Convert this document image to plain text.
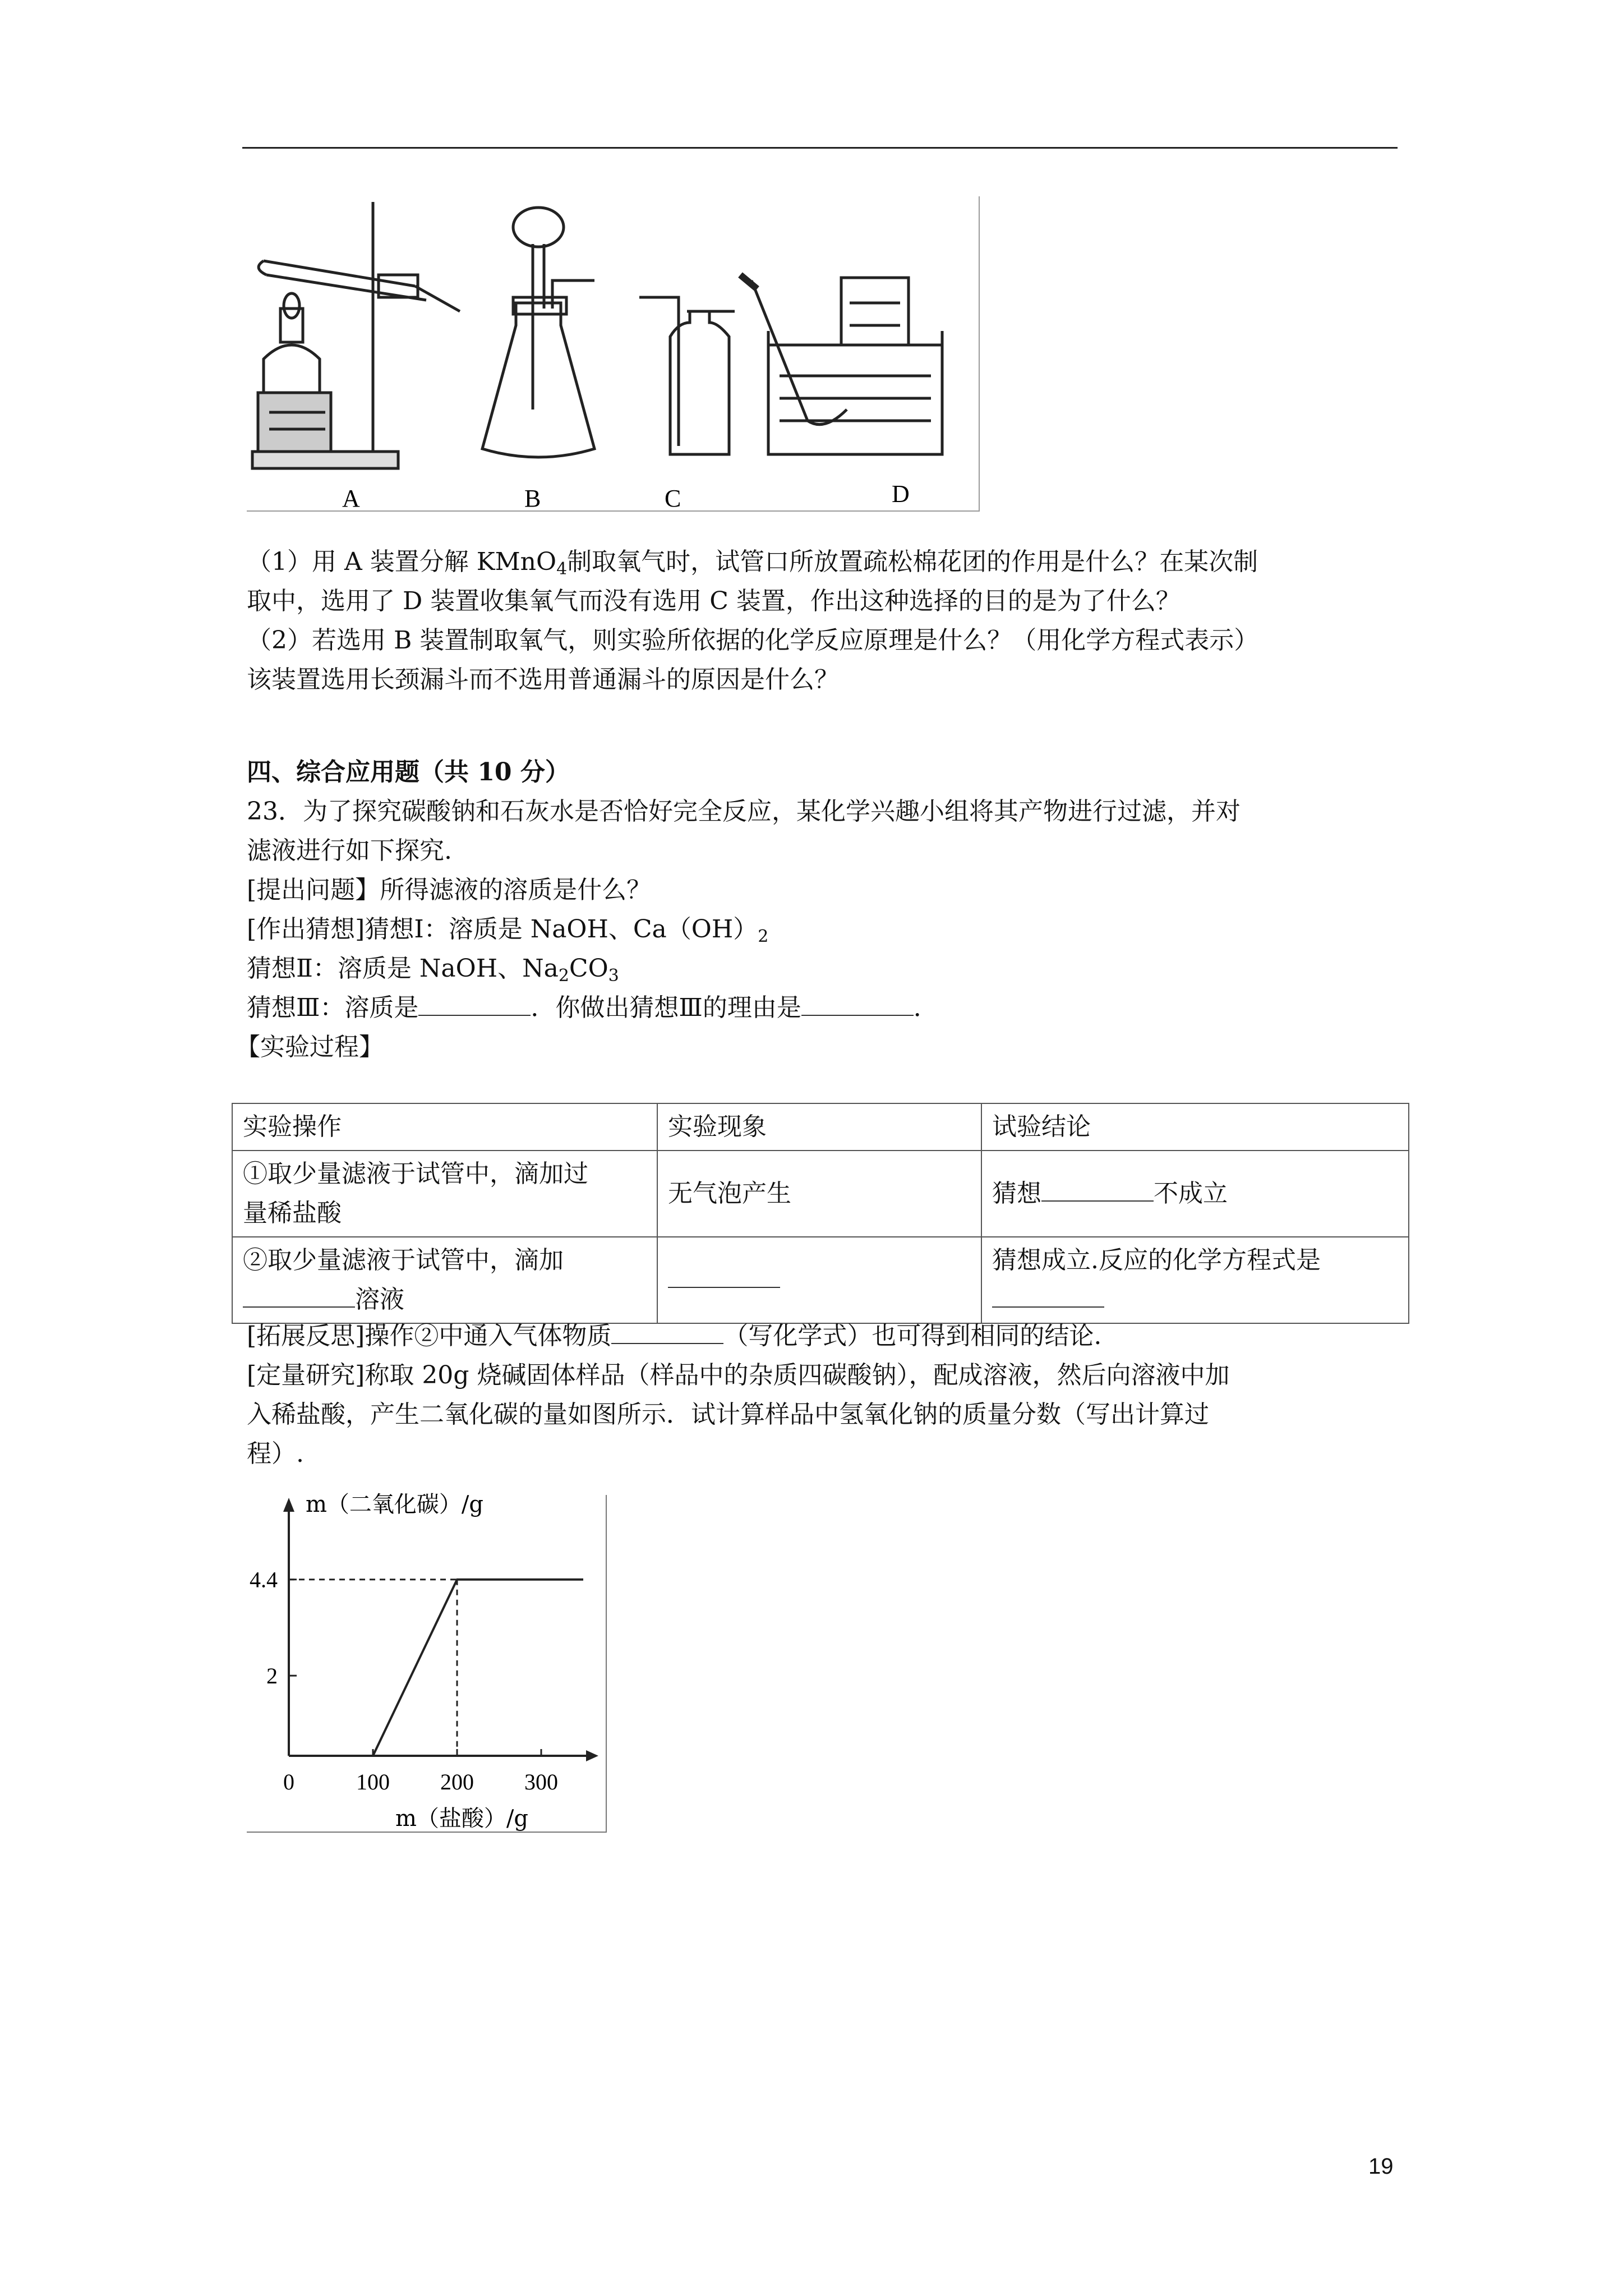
A	B	C	D
（1）用 A 装置分解 KMnO$_4$制取氧气时，试管口所放置疏松棉花团的作用是什么？在某次制
取中，选用了 D 装置收集氧气而没有选用 C 装置，作出这种选择的目的是为了什么？
（2）若选用 B 装置制取氧气，则实验所依据的化学反应原理是什么？（用化学方程式表示）
该装置选用长颈漏斗而不选用普通漏斗的原因是什么？
四、综合应用题（共 10 分）
23．为了探究碳酸钠和石灰水是否恰好完全反应，某化学兴趣小组将其产物进行过滤，并对
滤液进行如下探究.
[提出问题】所得滤液的溶质是什么？
[作出猜想]猜想Ⅰ：溶质是 NaOH、$Ca(OH)_2$
猜想Ⅱ：溶质是 NaOH、$Na_2CO_3$
猜想Ⅲ：溶质是	．你做出猜想Ⅲ的理由是	．
【实验过程】
实验操作	实验现象	试验结论

①取少量滤液于试管中，滴加过
量稀盐酸	无气泡产生	猜想 不成立

②取少量滤液于试管中，滴加
溶液		猜想成立.反应的化学方程式是
[拓展反思]操作②中通入气体物质	（写化学式）也可得到相同的结论.
[定量研究]称取 20g 烧碱固体样品（样品中的杂质四碳酸钠），配成溶液，然后向溶液中加
入稀盐酸，产生二氧化碳的量如图所示．试计算样品中氢氧化钠的质量分数（写出计算过
程）.
m（二氧化碳）/g
m（盐酸）/g
0	100 200 300
2
4.4
19
